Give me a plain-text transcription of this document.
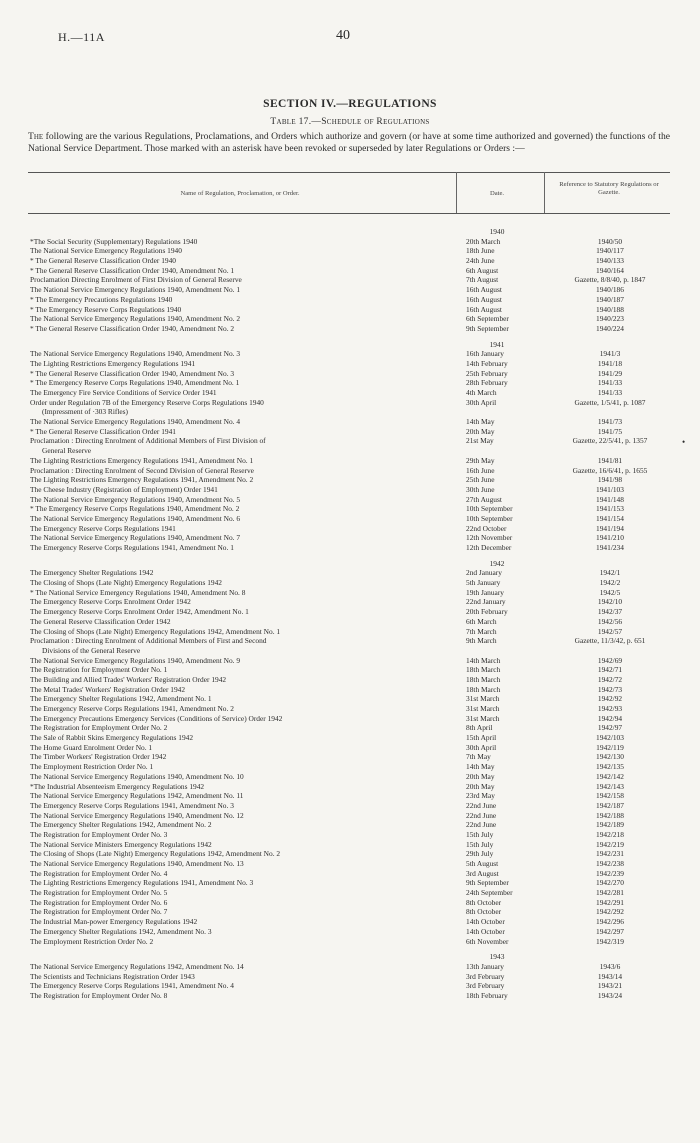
H.—11A	40
SECTION IV.—REGULATIONS
Table 17.—Schedule of Regulations
The following are the various Regulations, Proclamations, and Orders which authorize and govern (or have at some time authorized and governed) the functions of the National Service Department. Those marked with an asterisk have been revoked or superseded by later Regulations or Orders :—
Name of Regulation, Proclamation, or Order.	Date.
Reference to Statutory Regulations or Gazette.
1940
*The Social Security (Supplementary) Regulations 1940	20th March	1940/50
The National Service Emergency Regulations 1940	18th June	1940/117
* The General Reserve Classification Order 1940	24th June	1940/133
* The General Reserve Classification Order 1940, Amendment No. 1	6th August	1940/164
Proclamation Directing Enrolment of First Division of General Reserve	7th August	Gazette, 8/8/40, p. 1847
The National Service Emergency Regulations 1940, Amendment No. 1	16th August	1940/186
* The Emergency Precautions Regulations 1940	16th August	1940/187
* The Emergency Reserve Corps Regulations 1940	16th August	1940/188
The National Service Emergency Regulations 1940, Amendment No. 2	6th September	1940/223
* The General Reserve Classification Order 1940, Amendment No. 2	9th September	1940/224
1941
The National Service Emergency Regulations 1940, Amendment No. 3	16th January	1941/3
The Lighting Restrictions Emergency Regulations 1941	14th February	1941/18
* The General Reserve Classification Order 1940, Amendment No. 3	25th February	1941/29
* The Emergency Reserve Corps Regulations 1940, Amendment No. 1	28th February	1941/33
The Emergency Fire Service Conditions of Service Order 1941	4th March	1941/33
Order under Regulation 7B of the Emergency Reserve Corps Regulations 1940	30th April	Gazette, 1/5/41, p. 1087
(Impressment of ·303 Rifles)
The National Service Emergency Regulations 1940, Amendment No. 4	14th May	1941/73
* The General Reserve Classification Order 1941	20th May	1941/75
Proclamation : Directing Enrolment of Additional Members of First Division of	21st May	Gazette, 22/5/41, p. 1357
General Reserve
The Lighting Restrictions Emergency Regulations 1941, Amendment No. 1	29th May	1941/81
Proclamation : Directing Enrolment of Second Division of General Reserve	16th June	Gazette, 16/6/41, p. 1655
The Lighting Restrictions Emergency Regulations 1941, Amendment No. 2	25th June	1941/98
The Cheese Industry (Registration of Employment) Order 1941	30th June	1941/103
The National Service Emergency Regulations 1940, Amendment No. 5	27th August	1941/148
* The Emergency Reserve Corps Regulations 1940, Amendment No. 2	10th September	1941/153
The National Service Emergency Regulations 1940, Amendment No. 6	10th September	1941/154
The Emergency Reserve Corps Regulations 1941	22nd October	1941/194
The National Service Emergency Regulations 1940, Amendment No. 7	12th November	1941/210
The Emergency Reserve Corps Regulations 1941, Amendment No. 1	12th December	1941/234
1942
The Emergency Shelter Regulations 1942	2nd January	1942/1
The Closing of Shops (Late Night) Emergency Regulations 1942	5th January	1942/2
* The National Service Emergency Regulations 1940, Amendment No. 8	19th January	1942/5
The Emergency Reserve Corps Enrolment Order 1942	22nd January	1942/10
The Emergency Reserve Corps Enrolment Order 1942, Amendment No. 1	20th February	1942/37
The General Reserve Classification Order 1942	6th March	1942/56
The Closing of Shops (Late Night) Emergency Regulations 1942, Amendment No. 1	7th March	1942/57
Proclamation : Directing Enrolment of Additional Members of First and Second	9th March	Gazette, 11/3/42, p. 651
Divisions of the General Reserve
The National Service Emergency Regulations 1940, Amendment No. 9	14th March	1942/69
The Registration for Employment Order No. 1	18th March	1942/71
The Building and Allied Trades' Workers' Registration Order 1942	18th March	1942/72
The Metal Trades' Workers' Registration Order 1942	18th March	1942/73
The Emergency Shelter Regulations 1942, Amendment No. 1	31st March	1942/92
The Emergency Reserve Corps Regulations 1941, Amendment No. 2	31st March	1942/93
The Emergency Precautions Emergency Services (Conditions of Service) Order 1942	31st March	1942/94
The Registration for Employment Order No. 2	8th April	1942/97
The Sale of Rabbit Skins Emergency Regulations 1942	15th April	1942/103
The Home Guard Enrolment Order No. 1	30th April	1942/119
The Timber Workers' Registration Order 1942	7th May	1942/130
The Employment Restriction Order No. 1	14th May	1942/135
The National Service Emergency Regulations 1940, Amendment No. 10	20th May	1942/142
*The Industrial Absenteeism Emergency Regulations 1942	20th May	1942/143
The National Service Emergency Regulations 1942, Amendment No. 11	23rd May	1942/158
The Emergency Reserve Corps Regulations 1941, Amendment No. 3	22nd June	1942/187
The National Service Emergency Regulations 1940, Amendment No. 12	22nd June	1942/188
The Emergency Shelter Regulations 1942, Amendment No. 2	22nd June	1942/189
The Registration for Employment Order No. 3	15th July	1942/218
The National Service Ministers Emergency Regulations 1942	15th July	1942/219
The Closing of Shops (Late Night) Emergency Regulations 1942, Amendment No. 2	29th July	1942/231
The National Service Emergency Regulations 1940, Amendment No. 13	5th August	1942/238
The Registration for Employment Order No. 4	3rd August	1942/239
The Lighting Restrictions Emergency Regulations 1941, Amendment No. 3	9th September	1942/270
The Registration for Employment Order No. 5	24th September	1942/281
The Registration for Employment Order No. 6	8th October	1942/291
The Registration for Employment Order No. 7	8th October	1942/292
The Industrial Man-power Emergency Regulations 1942	14th October	1942/296
The Emergency Shelter Regulations 1942, Amendment No. 3	14th October	1942/297
The Employment Restriction Order No. 2	6th November	1942/319
1943
The National Service Emergency Regulations 1942, Amendment No. 14	13th January	1943/6
The Scientists and Technicians Registration Order 1943	3rd February	1943/14
The Emergency Reserve Corps Regulations 1941, Amendment No. 4	3rd February	1943/21
The Registration for Employment Order No. 8	18th February	1943/24
•
